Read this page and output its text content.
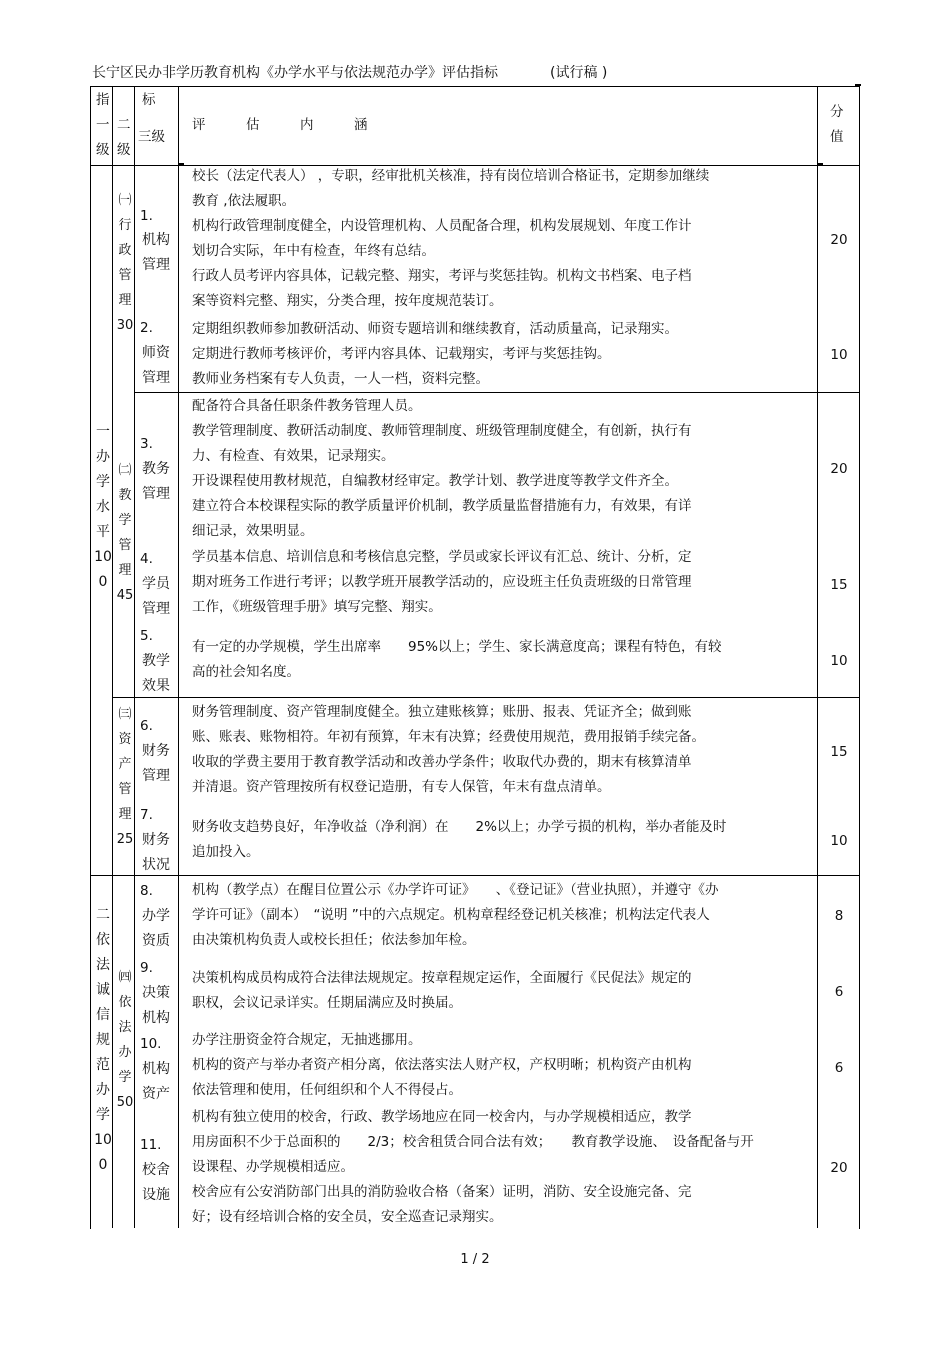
长宁区民办非学历教育机构《办学水平与依法规范办学》评估指标	(试行稿 )
指 标
一 二
级 级
三级
评　　　估　　　内　　　涵
分
值
一办学水平100
二依法诚信规范办学100
㈠行政管理30
㈡教学管理45
㈢资产管理25
㈣依法办学50
1.
机构管理
2.
师资管理
3.
教务管理
4.
学员管理
5.
教学效果
6.
财务管理
7.
财务状况
8.
办学资质
9.
决策机构
10.
机构资产
11.
校舍设施
校长（法定代表人） ，专职，经审批机关核准，持有岗位培训合格证书，定期参加继续
教育 ,依法履职。
机构行政管理制度健全，内设管理机构、人员配备合理，机构发展规划、年度工作计
划切合实际，年中有检查，年终有总结。
行政人员考评内容具体，记载完整、翔实，考评与奖惩挂钩。机构文书档案、电子档
案等资料完整、翔实，分类合理，按年度规范装订。
20
定期组织教师参加教研活动、师资专题培训和继续教育，活动质量高，记录翔实。
定期进行教师考核评价，考评内容具体、记载翔实，考评与奖惩挂钩。
教师业务档案有专人负责，一人一档，资料完整。
10
配备符合具备任职条件教务管理人员。
教学管理制度、教研活动制度、教师管理制度、班级管理制度健全，有创新，执行有
力、有检查、有效果，记录翔实。
开设课程使用教材规范，自编教材经审定。教学计划、教学进度等教学文件齐全。
建立符合本校课程实际的教学质量评价机制，教学质量监督措施有力，有效果，有详
细记录，效果明显。
20
学员基本信息、培训信息和考核信息完整，学员或家长评议有汇总、统计、分析，定
期对班务工作进行考评；以教学班开展教学活动的，应设班主任负责班级的日常管理
工作，《班级管理手册》填写完整、翔实。
15
有一定的办学规模，学生出席率　　95%以上；学生、家长满意度高；课程有特色，有较
高的社会知名度。
10
财务管理制度、资产管理制度健全。独立建账核算；账册、报表、凭证齐全；做到账
账、账表、账物相符。年初有预算，年末有决算；经费使用规范，费用报销手续完备。
收取的学费主要用于教育教学活动和改善办学条件；收取代办费的，期末有核算清单
并清退。资产管理按所有权登记造册，有专人保管，年末有盘点清单。
15
财务收支趋势良好，年净收益（净利润）在　　2%以上；办学亏损的机构，举办者能及时
追加投入。
10
机构（教学点）在醒目位置公示《办学许可证》　　、《登记证》（营业执照），并遵守《办
学许可证》（副本）　“说明 ”中的六点规定。机构章程经登记机关核准；机构法定代表人
由决策机构负责人或校长担任；依法参加年检。
8
决策机构成员构成符合法律法规规定。按章程规定运作，全面履行《民促法》规定的
职权，会议记录详实。任期届满应及时换届。
6
办学注册资金符合规定，无抽逃挪用。
机构的资产与举办者资产相分离，依法落实法人财产权，产权明晰；机构资产由机构
依法管理和使用，任何组织和个人不得侵占。
6
机构有独立使用的校舍，行政、教学场地应在同一校舍内，与办学规模相适应，教学
用房面积不少于总面积的　　2/3；校舍租赁合同合法有效；　　教育教学设施、　设备配备与开
设课程、办学规模相适应。
校舍应有公安消防部门出具的消防验收合格（备案）证明，消防、安全设施完备、完
好；设有经培训合格的安全员，安全巡查记录翔实。
20
1 / 2
